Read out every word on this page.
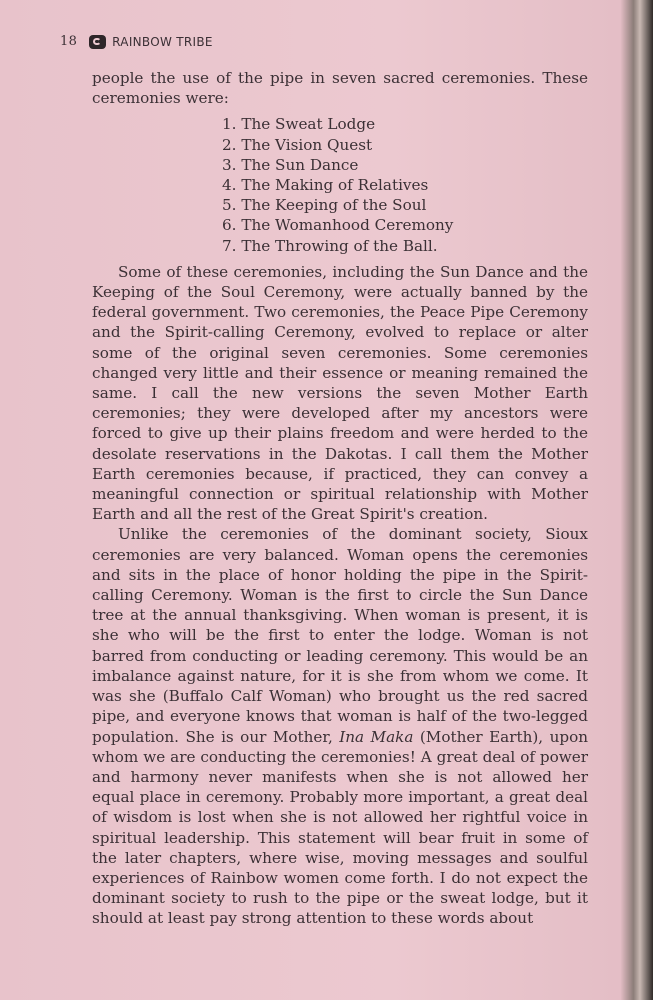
18	RAINBOW TRIBE

people the use of the pipe in seven sacred ceremonies. These ceremonies were:

1. The Sweat Lodge
2. The Vision Quest
3. The Sun Dance
4. The Making of Relatives
5. The Keeping of the Soul
6. The Womanhood Ceremony
7. The Throwing of the Ball.

Some of these ceremonies, including the Sun Dance and the Keeping of the Soul Ceremony, were actually banned by the federal government. Two ceremonies, the Peace Pipe Ceremony and the Spirit-calling Ceremony, evolved to replace or alter some of the original seven ceremonies. Some ceremonies changed very little and their essence or meaning remained the same. I call the new versions the seven Mother Earth ceremonies; they were developed after my ancestors were forced to give up their plains freedom and were herded to the desolate reservations in the Dakotas. I call them the Mother Earth ceremonies because, if practiced, they can convey a meaningful connection or spiritual relationship with Mother Earth and all the rest of the Great Spirit's creation.

Unlike the ceremonies of the dominant society, Sioux ceremonies are very balanced. Woman opens the ceremonies and sits in the place of honor holding the pipe in the Spirit-calling Ceremony. Woman is the first to circle the Sun Dance tree at the annual thanksgiving. When woman is present, it is she who will be the first to enter the lodge. Woman is not barred from conducting or leading ceremony. This would be an imbalance against nature, for it is she from whom we come. It was she (Buffalo Calf Woman) who brought us the red sacred pipe, and everyone knows that woman is half of the two-legged population. She is our Mother, Ina Maka (Mother Earth), upon whom we are conducting the ceremonies! A great deal of power and harmony never manifests when she is not allowed her equal place in ceremony. Probably more important, a great deal of wisdom is lost when she is not allowed her rightful voice in spiritual leadership. This statement will bear fruit in some of the later chapters, where wise, moving messages and soulful experiences of Rainbow women come forth. I do not expect the dominant society to rush to the pipe or the sweat lodge, but it should at least pay strong attention to these words about
